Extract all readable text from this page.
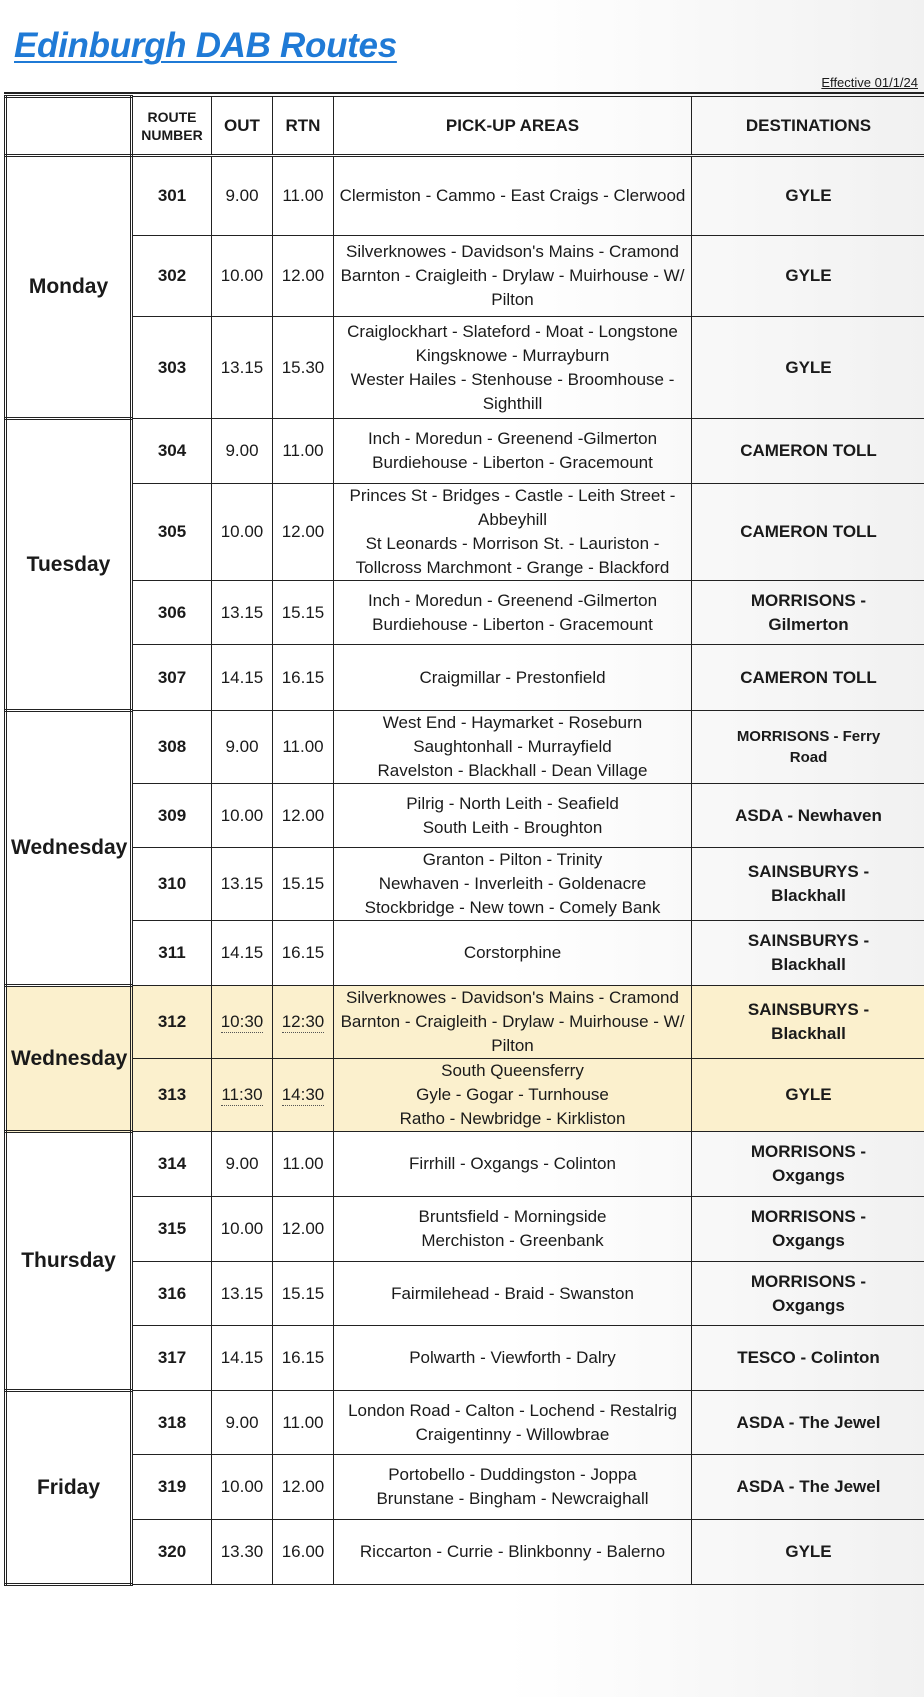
Edinburgh DAB Routes
Effective 01/1/24

	ROUTE
NUMBER	OUT	RTN	PICK-UP AREAS	DESTINATIONS
Monday	301	9.00	11.00	Clermiston - Cammo - East Craigs - Clerwood	GYLE

	302	10.00	12.00	Silverknowes - Davidson's Mains - Cramond
Barnton - Craigleith - Drylaw - Muirhouse - W/
Pilton	GYLE

	303	13.15	15.30	Craiglockhart - Slateford - Moat - Longstone
Kingsknowe - Murrayburn
Wester Hailes - Stenhouse - Broomhouse -
Sighthill	GYLE

Tuesday	304	9.00	11.00	Inch - Moredun - Greenend -Gilmerton
Burdiehouse - Liberton - Gracemount	CAMERON TOLL

	305	10.00	12.00	Princes St - Bridges - Castle - Leith Street -
Abbeyhill
St Leonards - Morrison St. - Lauriston -
Tollcross Marchmont - Grange - Blackford	CAMERON TOLL

	306	13.15	15.15	Inch - Moredun - Greenend -Gilmerton
Burdiehouse - Liberton - Gracemount	MORRISONS -
Gilmerton

	307	14.15	16.15	Craigmillar - Prestonfield	CAMERON TOLL

Wednesday	308	9.00	11.00	West End - Haymarket - Roseburn
Saughtonhall - Murrayfield
Ravelston - Blackhall - Dean Village	MORRISONS - Ferry
Road

	309	10.00	12.00	Pilrig - North Leith - Seafield
South Leith - Broughton	ASDA - Newhaven

	310	13.15	15.15	Granton - Pilton - Trinity
Newhaven - Inverleith - Goldenacre
Stockbridge - New town - Comely Bank	SAINSBURYS -
Blackhall

	311	14.15	16.15	Corstorphine	SAINSBURYS -
Blackhall

Wednesday	312	10:30	12:30	Silverknowes - Davidson's Mains - Cramond
Barnton - Craigleith - Drylaw - Muirhouse - W/
Pilton	SAINSBURYS -
Blackhall

	313	11:30	14:30	South Queensferry
Gyle - Gogar - Turnhouse
Ratho - Newbridge - Kirkliston	GYLE

Thursday	314	9.00	11.00	Firrhill - Oxgangs - Colinton	MORRISONS -
Oxgangs

	315	10.00	12.00	Bruntsfield - Morningside
Merchiston - Greenbank	MORRISONS -
Oxgangs

	316	13.15	15.15	Fairmilehead - Braid - Swanston	MORRISONS -
Oxgangs

	317	14.15	16.15	Polwarth - Viewforth - Dalry	TESCO - Colinton

Friday	318	9.00	11.00	London Road - Calton - Lochend - Restalrig
Craigentinny - Willowbrae	ASDA - The Jewel

	319	10.00	12.00	Portobello - Duddingston - Joppa
Brunstane - Bingham - Newcraighall	ASDA - The Jewel

	320	13.30	16.00	Riccarton - Currie - Blinkbonny - Balerno	GYLE
